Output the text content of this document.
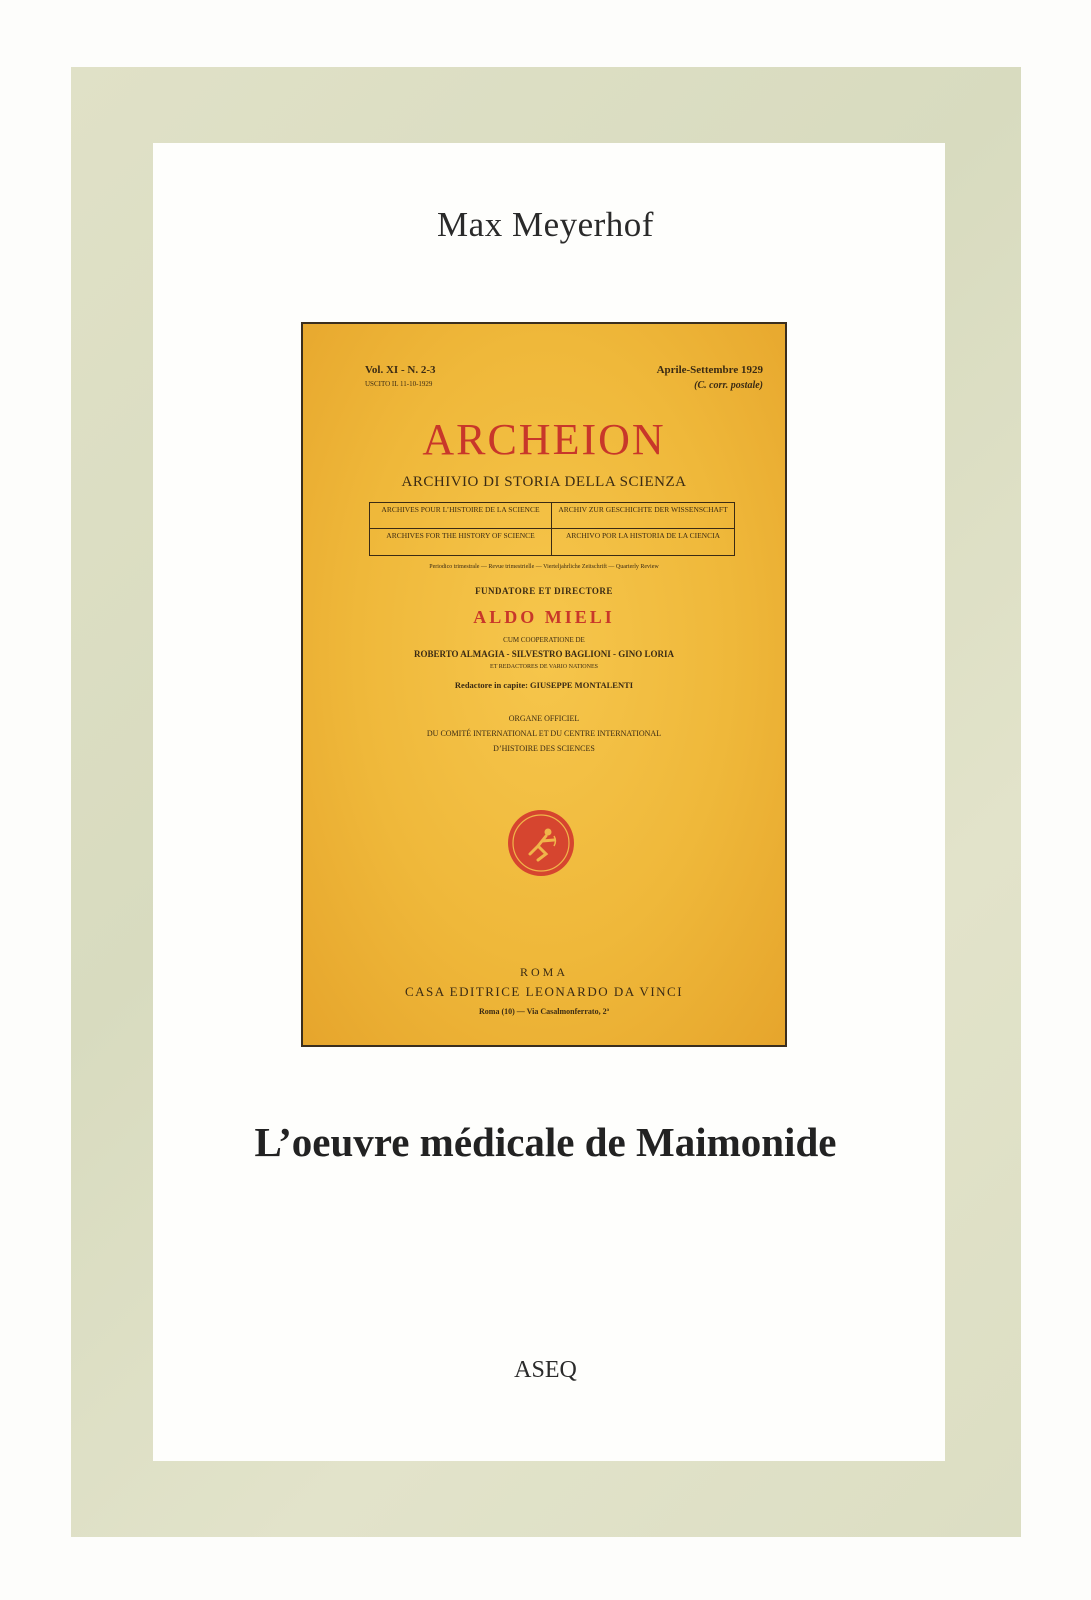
Max Meyerhof
Vol. XI - N. 2-3	Aprile-Settembre 1929
USCITO IL 11-10-1929	(C. corr. postale)
ARCHEION
ARCHIVIO DI STORIA DELLA SCIENZA
ARCHIVES POUR L’HISTOIRE DE LA SCIENCE	ARCHIV ZUR GESCHICHTE DER WISSENSCHAFT
ARCHIVES FOR THE HISTORY OF SCIENCE	ARCHIVO POR LA HISTORIA DE LA CIENCIA
Periodico trimestrale — Revue trimestrielle — Vierteljahrliche Zeitschrift — Quarterly Review
FUNDATORE ET DIRECTORE
ALDO MIELI
CUM COOPERATIONE DE
ROBERTO ALMAGIA - SILVESTRO BAGLIONI - GINO LORIA
ET REDACTORES DE VARIO NATIONES
Redactore in capite: GIUSEPPE MONTALENTI
ORGANE OFFICIEL
DU COMITÉ INTERNATIONAL ET DU CENTRE INTERNATIONAL
D’HISTOIRE DES SCIENCES
ROMA
CASA EDITRICE LEONARDO DA VINCI
Roma (10) — Via Casalmonferrato, 2ª
L’oeuvre médicale de Maimonide
ASEQ
